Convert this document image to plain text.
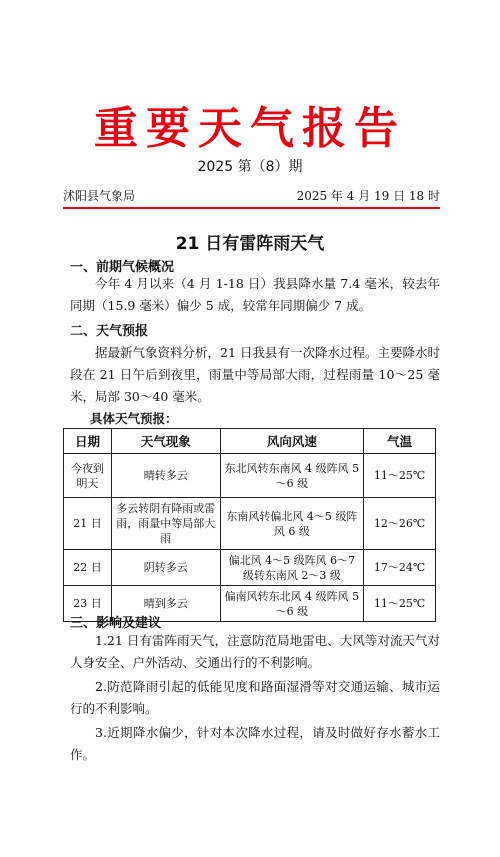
重要天气报告
2025 第（8）期
沭阳县气象局	2025 年 4 月 19 日 18 时
21 日有雷阵雨天气
一、前期气候概况
今年 4 月以来（4 月 1-18 日）我县降水量 7.4 毫米，较去年同期（15.9 毫米）偏少 5 成，较常年同期偏少 7 成。
二、天气预报
据最新气象资料分析，21 日我县有一次降水过程。主要降水时段在 21 日午后到夜里，雨量中等局部大雨，过程雨量 10～25 毫米，局部 30～40 毫米。
具体天气预报：
日期	天气现象	风向风速	气温
今夜到明天	晴转多云	东北风转东南风 4 级阵风 5～6 级	11～25℃
21 日	多云转阴有降雨或雷雨，雨量中等局部大雨	东南风转偏北风 4～5 级阵风 6 级	12～26℃
22 日	阴转多云	偏北风 4～5 级阵风 6～7 级转东南风 2～3 级	17～24℃
23 日	晴到多云	偏南风转东北风 4 级阵风 5～6 级	11～25℃
三、影响及建议
1.21 日有雷阵雨天气，注意防范局地雷电、大风等对流天气对人身安全、户外活动、交通出行的不利影响。
2.防范降雨引起的低能见度和路面湿滑等对交通运输、城市运行的不利影响。
3.近期降水偏少，针对本次降水过程，请及时做好存水蓄水工作。
